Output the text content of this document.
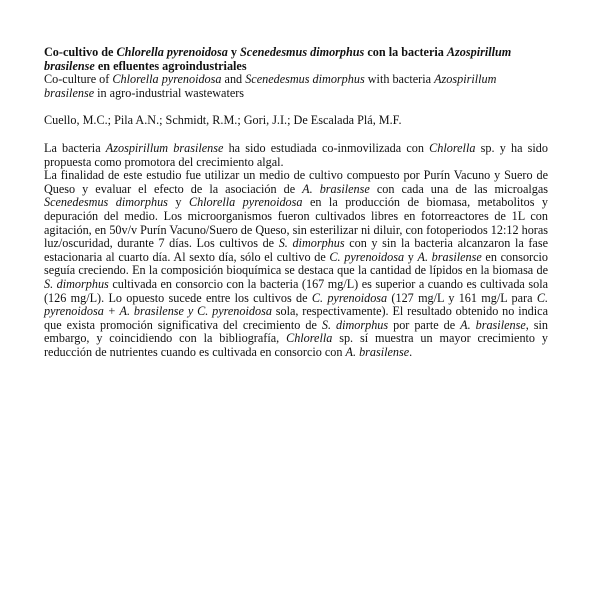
Co-cultivo de Chlorella pyrenoidosa y Scenedesmus dimorphus con la bacteria Azospirillum brasilense en efluentes agroindustriales
Co-culture of Chlorella pyrenoidosa and Scenedesmus dimorphus with bacteria Azospirillum brasilense in agro-industrial wastewaters
Cuello, M.C.; Pila A.N.; Schmidt, R.M.; Gori, J.I.; De Escalada Plá, M.F.

La bacteria Azospirillum brasilense ha sido estudiada co-inmovilizada con Chlorella sp. y ha sido propuesta como promotora del crecimiento algal.

La finalidad de este estudio fue utilizar un medio de cultivo compuesto por Purín Vacuno y Suero de Queso y evaluar el efecto de la asociación de A. brasilense con cada una de las microalgas Scenedesmus dimorphus y Chlorella pyrenoidosa en la producción de biomasa, metabolitos y depuración del medio. Los microorganismos fueron cultivados libres en fotorreactores de 1L con agitación, en 50v/v Purín Vacuno/Suero de Queso, sin esterilizar ni diluir, con fotoperiodos 12:12 horas luz/oscuridad, durante 7 días. Los cultivos de S. dimorphus con y sin la bacteria alcanzaron la fase estacionaria al cuarto día. Al sexto día, sólo el cultivo de C. pyrenoidosa y A. brasilense en consorcio seguía creciendo. En la composición bioquímica se destaca que la cantidad de lípidos en la biomasa de S. dimorphus cultivada en consorcio con la bacteria (167 mg/L) es superior a cuando es cultivada sola (126 mg/L). Lo opuesto sucede entre los cultivos de C. pyrenoidosa (127 mg/L y 161 mg/L para C. pyrenoidosa + A. brasilense y C. pyrenoidosa sola, respectivamente). El resultado obtenido no indica que exista promoción significativa del crecimiento de S. dimorphus por parte de A. brasilense, sin embargo, y coincidiendo con la bibliografía, Chlorella sp. sí muestra un mayor crecimiento y reducción de nutrientes cuando es cultivada en consorcio con A. brasilense.
